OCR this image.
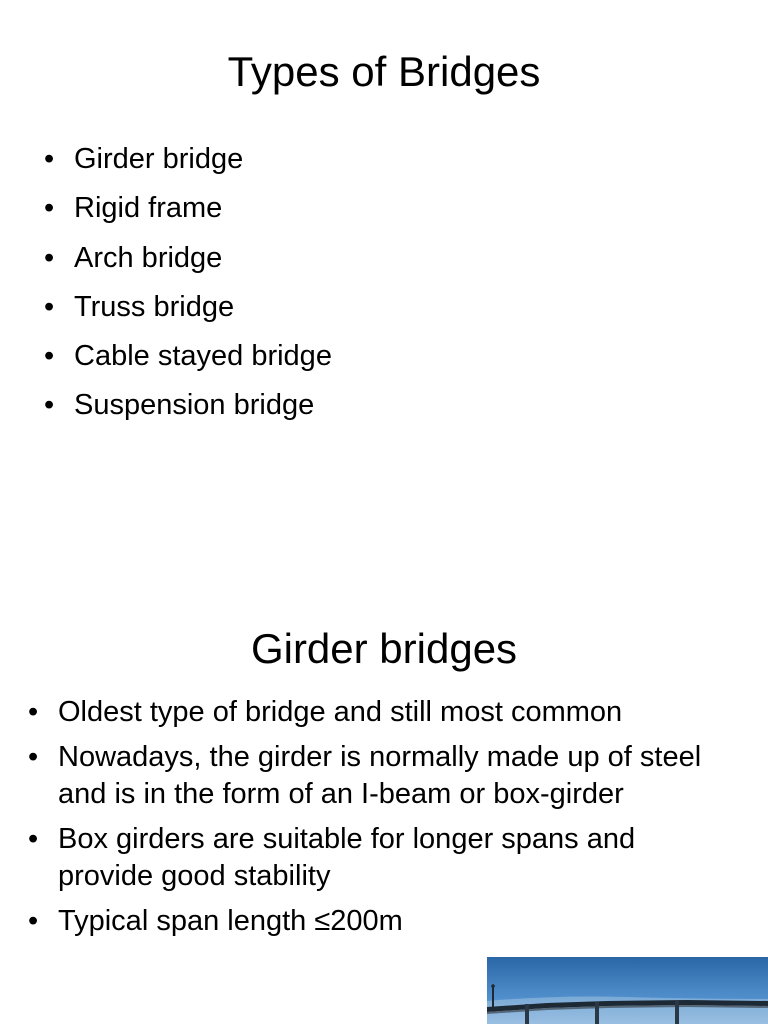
Types of Bridges
• Girder bridge
• Rigid frame
• Arch bridge
• Truss bridge
• Cable stayed bridge
• Suspension bridge
Girder bridges
• Oldest type of bridge and still most common
• Nowadays, the girder is normally made up of steel and is in the form of an I-beam or box-girder
• Box girders are suitable for longer spans and provide good stability
• Typical span length ≤200m
